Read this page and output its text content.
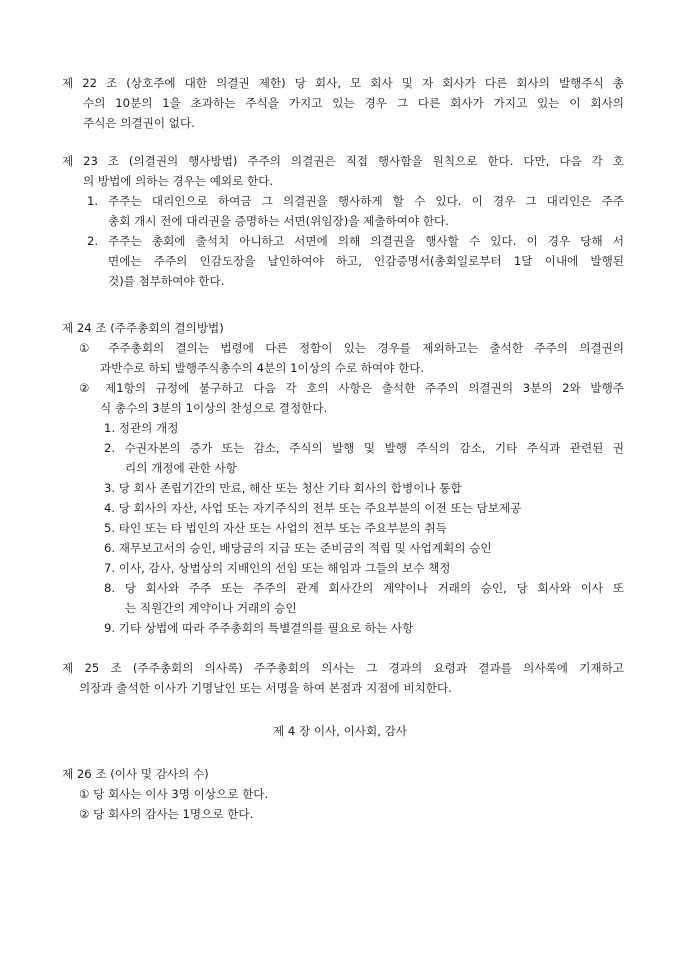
제 22 조 (상호주에 대한 의결권 제한) 당 회사, 모 회사 및 자 회사가 다른 회사의 발행주식 총
수의 10분의 1을 초과하는 주식을 가지고 있는 경우 그 다른 회사가 가지고 있는 이 회사의
주식은 의결권이 없다.
제 23 조 (의결권의 행사방법) 주주의 의결권은 직접 행사함을 원칙으로 한다. 다만, 다음 각 호
의 방법에 의하는 경우는 예외로 한다.
1. 주주는 대리인으로 하여금 그 의결권을 행사하게 할 수 있다. 이 경우 그 대리인은 주주
총회 개시 전에 대리권을 증명하는 서면(위임장)을 제출하여야 한다.
2. 주주는 총회에 출석치 아니하고 서면에 의해 의결권을 행사할 수 있다. 이 경우 당해 서
면에는 주주의 인감도장을 날인하여야 하고, 인감증명서(총회일로부터 1달 이내에 발행된
것)를 첨부하여야 한다.
제 24 조 (주주총회의 결의방법)
① 주주총회의 결의는 법령에 다른 정함이 있는 경우를 제외하고는 출석한 주주의 의결권의
과반수로 하되 발행주식총수의 4분의 1이상의 수로 하여야 한다.
② 제1항의 규정에 불구하고 다음 각 호의 사항은 출석한 주주의 의결권의 3분의 2와 발행주
식 총수의 3분의 1이상의 찬성으로 결정한다.
1. 정관의 개정
2. 수권자본의 증가 또는 감소, 주식의 발행 및 발행 주식의 감소, 기타 주식과 관련된 권
리의 개정에 관한 사항
3. 당 회사 존립기간의 만료, 해산 또는 청산 기타 회사의 합병이나 통합
4. 당 회사의 자산, 사업 또는 자기주식의 전부 또는 주요부분의 이전 또는 담보제공
5. 타인 또는 타 법인의 자산 또는 사업의 전부 또는 주요부분의 취득
6. 재무보고서의 승인, 배당금의 지급 또는 준비금의 적립 및 사업계획의 승인
7. 이사, 감사, 상법상의 지배인의 선임 또는 해임과 그들의 보수 책정
8. 당 회사와 주주 또는 주주의 관계 회사간의 계약이나 거래의 승인, 당 회사와 이사 또
는 직원간의 계약이나 거래의 승인
9. 기타 상법에 따라 주주총회의 특별결의를 필요로 하는 사항
제 25 조 (주주총회의 의사록) 주주총회의 의사는 그 경과의 요령과 결과를 의사록에 기재하고
의장과 출석한 이사가 기명날인 또는 서명을 하여 본점과 지점에 비치한다.
제 4 장 이사, 이사회, 감사
제 26 조 (이사 및 감사의 수)
① 당 회사는 이사 3명 이상으로 한다.
② 당 회사의 감사는 1명으로 한다.
